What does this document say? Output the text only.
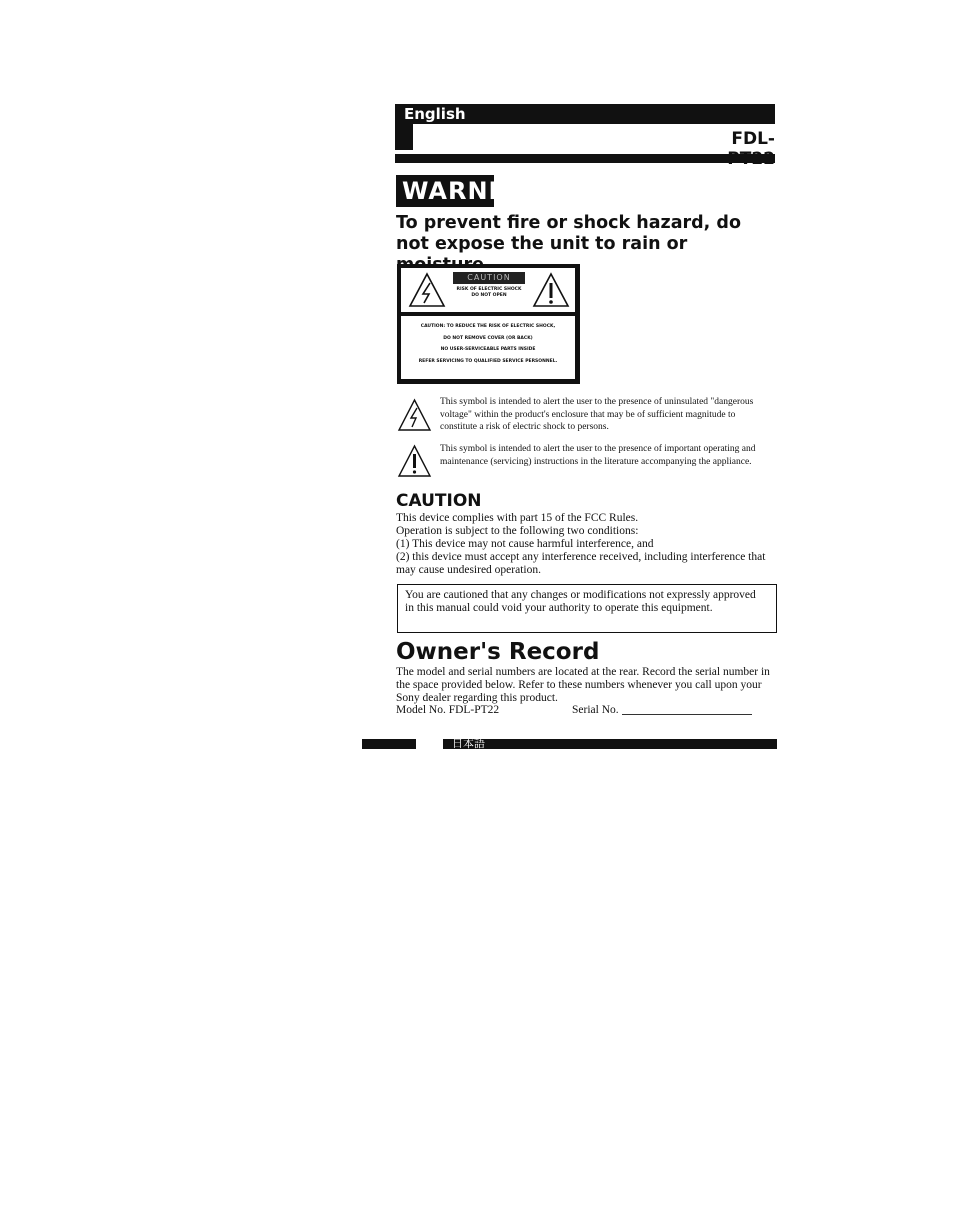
English
FDL-
WARNING
To prevent fire or shock hazard, do not expose the unit to rain or
CAUTION
RISK OF ELECTRIC SHOCK
DO NOT OPEN
CAUTION: TO REDUCE THE RISK OF ELECTRIC SHOCK,
DO NOT REMOVE COVER (OR BACK)
NO USER-SERVICEABLE PARTS INSIDE
REFER SERVICING TO QUALIFIED SERVICE PERSONNEL.
This symbol is intended to alert the user to the presence of uninsulated "dangerous voltage" within the product's enclosure that may be of sufficient magnitude to constitute a risk of electric shock to persons.
This symbol is intended to alert the user to the presence of important operating and maintenance (servicing) instructions in the literature accompanying the appliance.
CAUTION
This device complies with part 15 of the FCC Rules.
Operation is subject to the following two conditions:
(1) This device may not cause harmful interference, and
(2) this device must accept any interference received, including interference that may cause undesired operation.
You are cautioned that any changes or modifications not expressly approved in this manual could void your authority to operate this equipment.
Owner's Record
The model and serial numbers are located at the rear. Record the serial number in the space provided below. Refer to these numbers whenever you call upon your Sony dealer regarding this product.
Model No. FDL-PT22	Serial No.
日本語
